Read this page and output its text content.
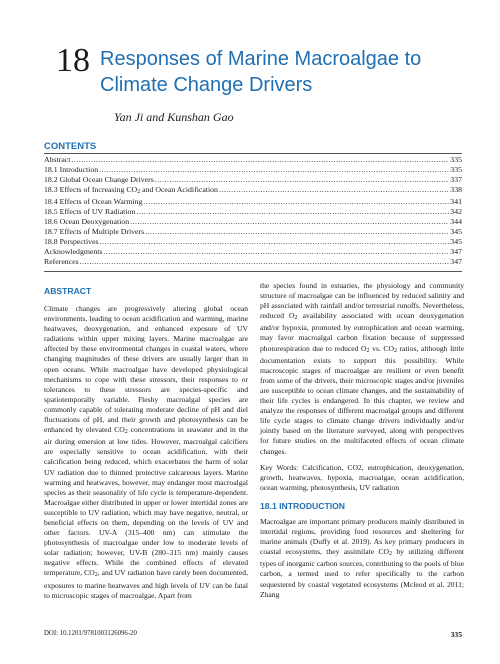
18 Responses of Marine Macroalgae to Climate Change Drivers
Yan Ji and Kunshan Gao
CONTENTS
Abstract .....	335
18.1 Introduction .....	335
18.2 Global Ocean Change Drivers .....	337
18.3 Effects of Increasing CO2 and Ocean Acidification .....	338
18.4 Effects of Ocean Warming .....	341
18.5 Effects of UV Radiation .....	342
18.6 Ocean Deoxygenation .....	344
18.7 Effects of Multiple Drivers .....	345
18.8 Perspectives .....	345
Acknowledgments .....	347
References .....	347
ABSTRACT

Climate changes are progressively altering global ocean environments, leading to ocean acidification and warming, marine heatwaves, deoxygenation, and enhanced exposure of UV radiations within upper mixing layers. Marine macroalgae are affected by these environmental changes in coastal waters, where changing magnitudes of these drivers are usually larger than in open oceans. While macroalgae have developed physiological mechanisms to cope with these stressors, their responses to or tolerances to these stressors are species-specific and spatiotemporally variable. Fleshy macroalgal species are commonly capable of tolerating moderate decline of pH and diel fluctuations of pH, and their growth and photosynthesis can be enhanced by elevated CO2 concentrations in seawater and in the air during emersion at low tides. However, macroalgal calcifiers are especially sensitive to ocean acidification, with their calcification being reduced, which exacerbates the harm of solar UV radiation due to thinned protective calcareous layers. Marine warming and heatwaves, however, may endanger most macroalgal species as their seasonality of life cycle is temperature-dependent. Macroalgae either distributed in upper or lower intertidal zones are susceptible to UV radiation, which may have negative, neutral, or beneficial effects on them, depending on the levels of UV and other factors. UV-A (315–400 nm) can stimulate the photosynthesis of macroalgae under low to moderate levels of solar radiation; however, UV-B (280–315 nm) mainly causes negative effects. While the combined effects of elevated temperature, CO2, and UV radiation have rarely been documented, exposures to marine heatwaves and high levels of UV can be fatal to microscopic stages of macroalgae. Apart from

the species found in estuaries, the physiology and community structure of macroalgae can be influenced by reduced salinity and pH associated with rainfall and/or terrestrial runoffs. Nevertheless, reduced O2 availability associated with ocean deoxygenation and/or hypoxia, promoted by eutrophication and ocean warming, may favor macroalgal carbon fixation because of suppressed photorespiration due to reduced O2 vs. CO2 ratios, although little documentation exists to support this possibility. While macroscopic stages of macroalgae are resilient or even benefit from some of the drivers, their microscopic stages and/or juveniles are susceptible to ocean climate changes, and the sustainability of their life cycles is endangered. In this chapter, we review and analyze the responses of different macroalgal groups and different life cycle stages to climate change drivers individually and/or jointly based on the literature surveyed, along with perspectives for future studies on the multifaceted effects of ocean climate changes.

Key Words: Calcification, CO2, eutrophication, deoxygenation, growth, heatwaves, hypoxia, macroalgae, ocean acidification, ocean warming, photosynthesis, UV radiation

18.1 INTRODUCTION

Macroalgae are important primary producers mainly distributed in intertidal regions, providing food resources and sheltering for marine animals (Duffy et al. 2019). As key primary producers in coastal ecosystems, they assimilate CO2 by utilizing different types of inorganic carbon sources, contributing to the pools of blue carbon, a termed used to refer specifically to the carbon sequestered by coastal vegetated ecosystems (Mcleod et al. 2011; Zhang

DOI: 10.1201/9781003126096-20	335
